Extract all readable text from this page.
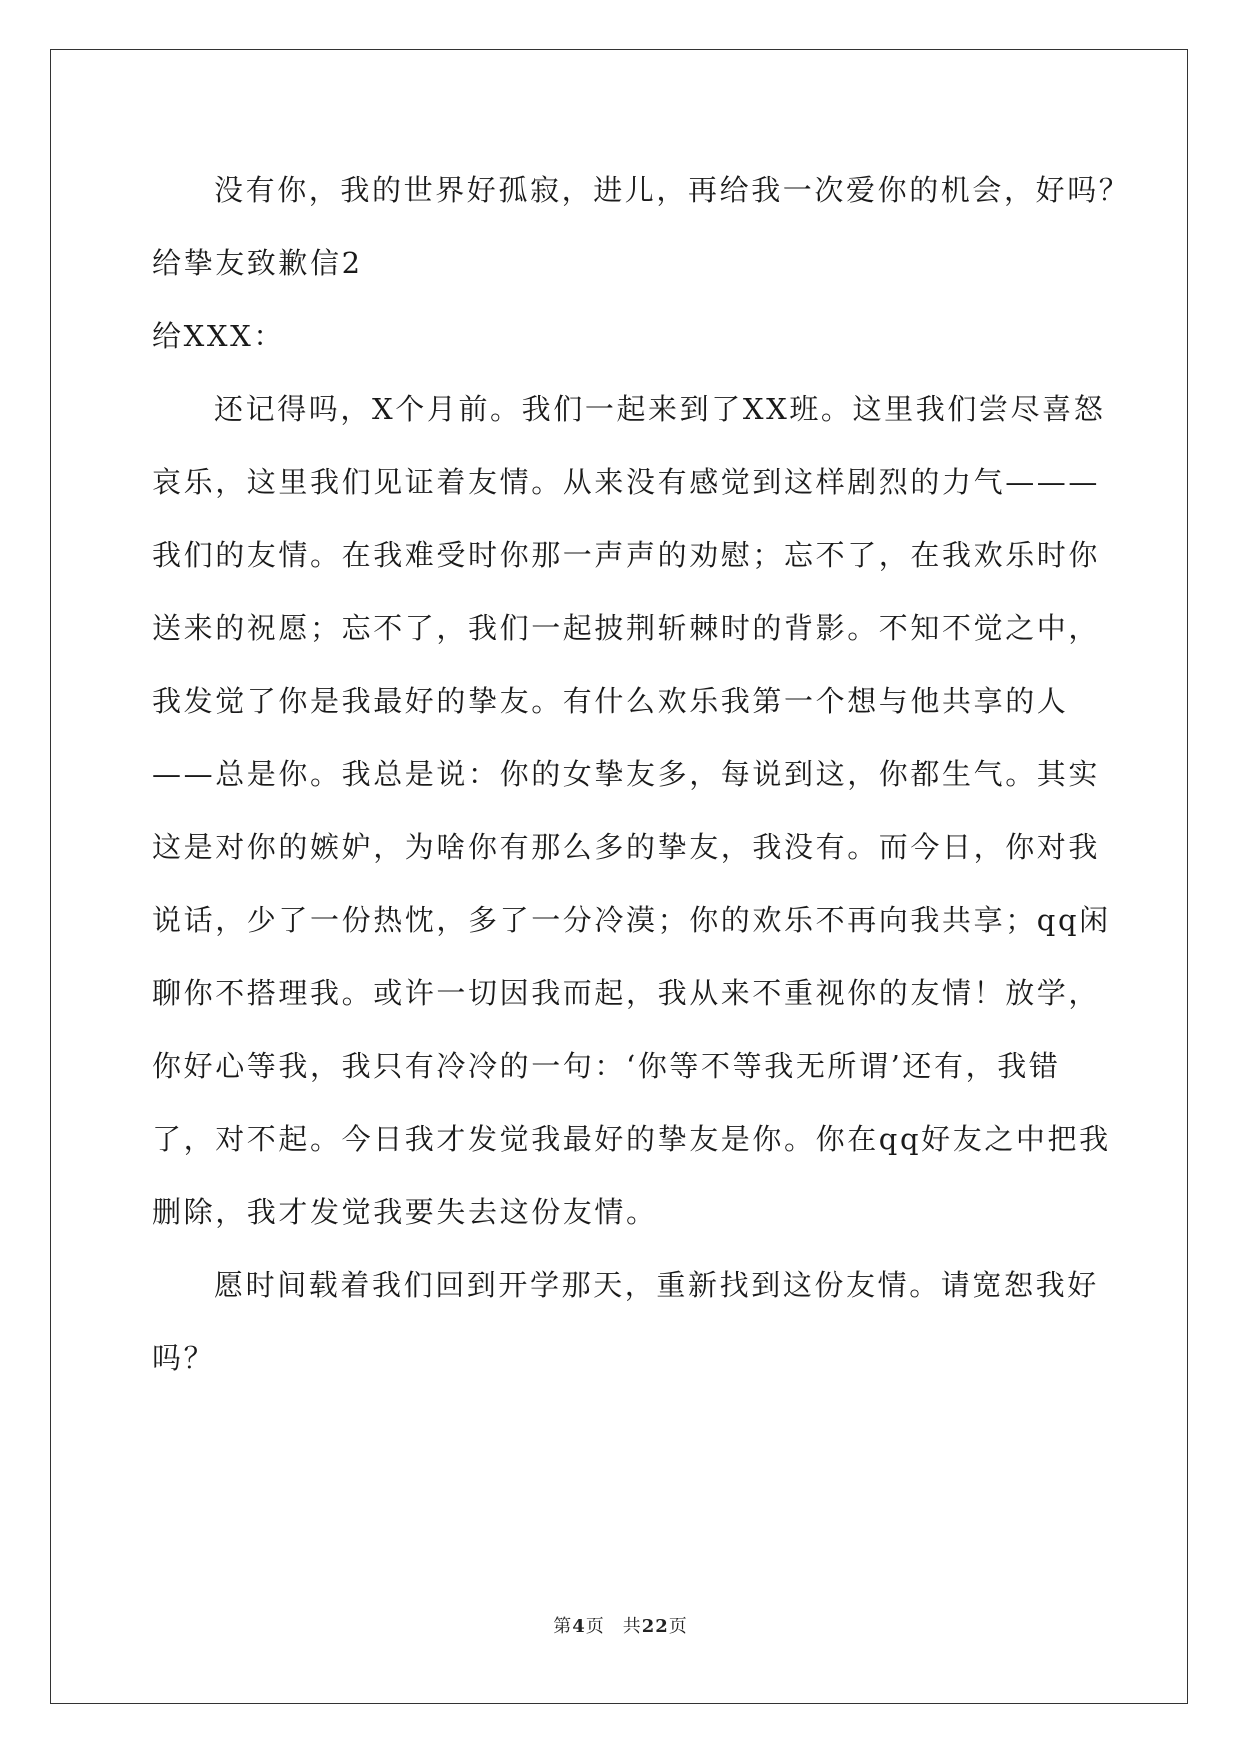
没有你，我的世界好孤寂，进儿，再给我一次爱你的机会，好吗？

给挚友致歉信2

给XXX：

还记得吗，X个月前。我们一起来到了XX班。这里我们尝尽喜怒

哀乐，这里我们见证着友情。从来没有感觉到这样剧烈的力气———

我们的友情。在我难受时你那一声声的劝慰；忘不了，在我欢乐时你

送来的祝愿；忘不了，我们一起披荆斩棘时的背影。不知不觉之中，

我发觉了你是我最好的挚友。有什么欢乐我第一个想与他共享的人

——总是你。我总是说：你的女挚友多，每说到这，你都生气。其实

这是对你的嫉妒，为啥你有那么多的挚友，我没有。而今日，你对我

说话，少了一份热忱，多了一分冷漠；你的欢乐不再向我共享；qq闲

聊你不搭理我。或许一切因我而起，我从来不重视你的友情！放学，

你好心等我，我只有冷冷的一句：‘你等不等我无所谓’还有，我错

了，对不起。今日我才发觉我最好的挚友是你。你在qq好友之中把我

删除，我才发觉我要失去这份友情。

愿时间载着我们回到开学那天，重新找到这份友情。请宽恕我好

吗？

第4页 共22页
